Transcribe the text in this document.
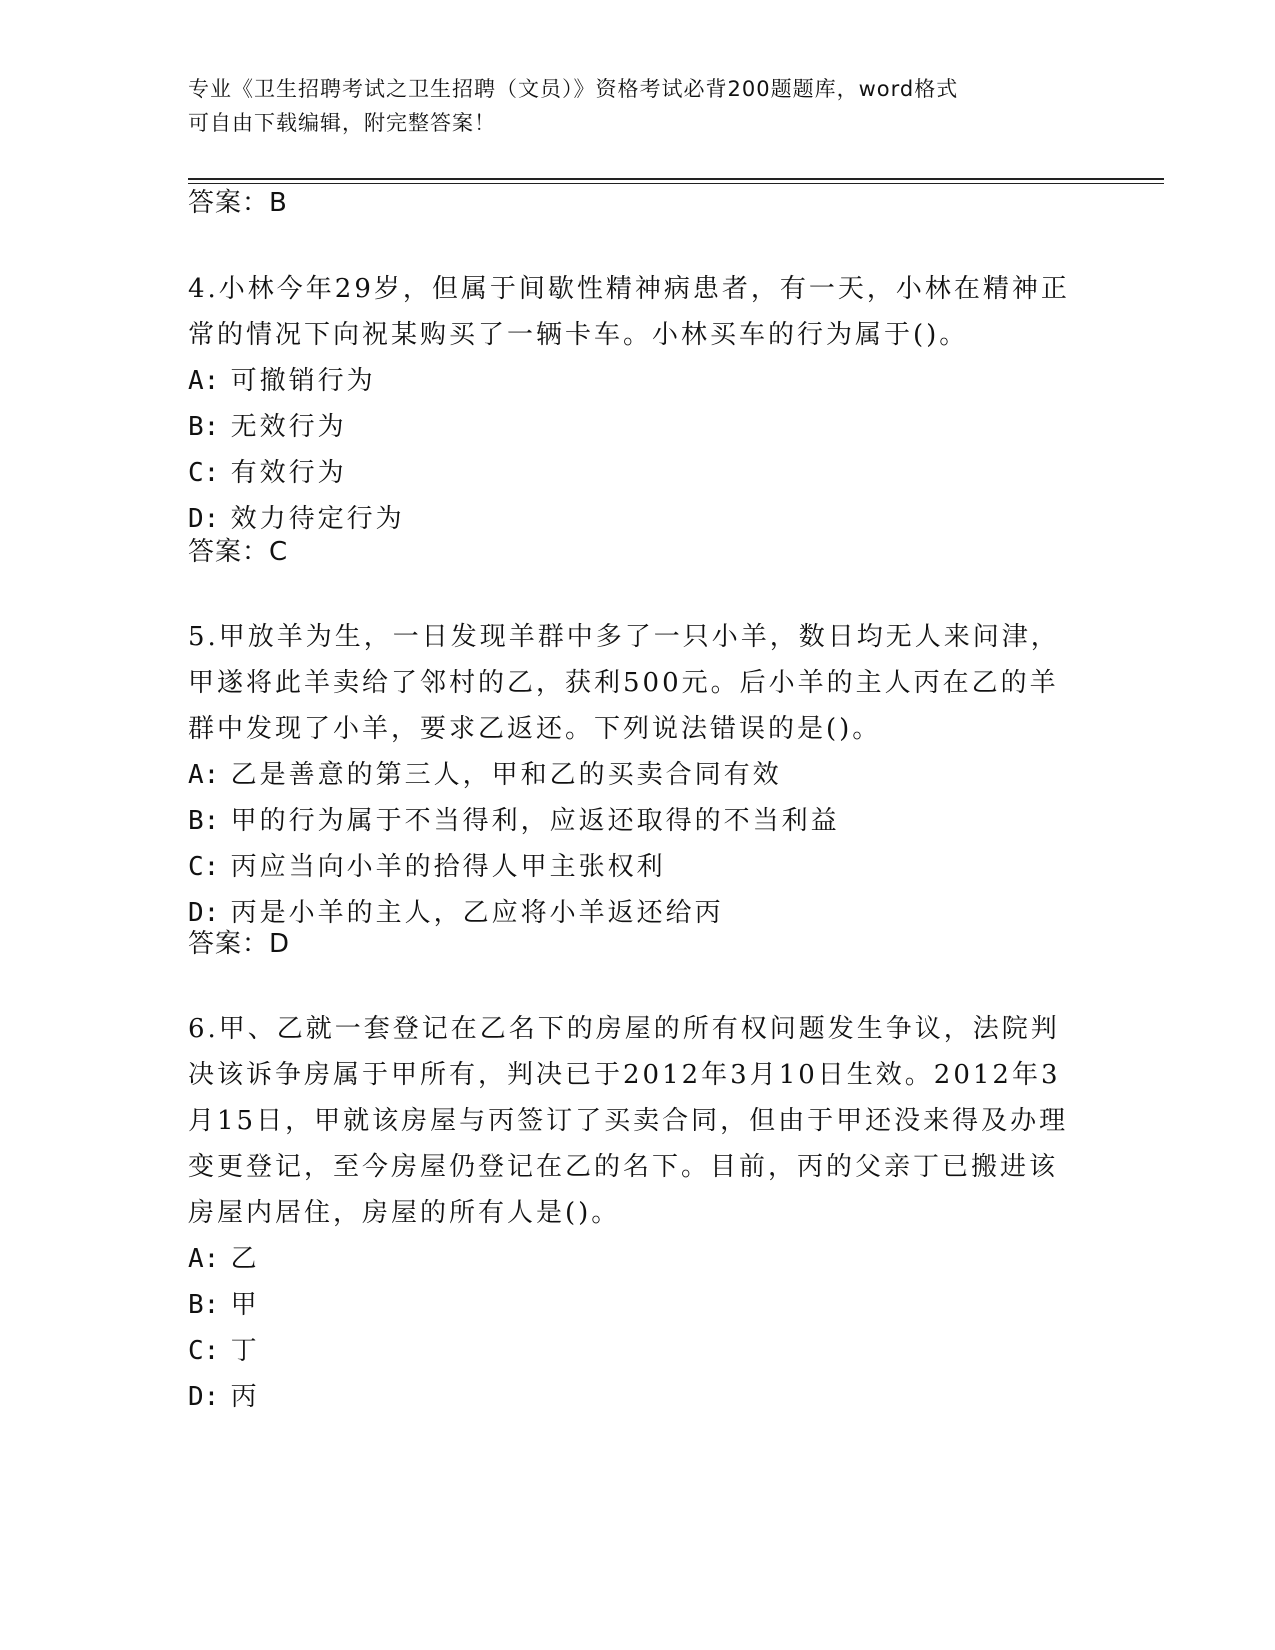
专业《卫生招聘考试之卫生招聘（文员）》资格考试必背200题题库，word格式
可自由下载编辑，附完整答案！
答案：B

4.小林今年29岁，但属于间歇性精神病患者，有一天，小林在精神正

常的情况下向祝某购买了一辆卡车。小林买车的行为属于()。

A: 可撤销行为

B: 无效行为

C: 有效行为

D: 效力待定行为

答案：C

5.甲放羊为生，一日发现羊群中多了一只小羊，数日均无人来问津，

甲遂将此羊卖给了邻村的乙，获利500元。后小羊的主人丙在乙的羊

群中发现了小羊，要求乙返还。下列说法错误的是()。

A: 乙是善意的第三人，甲和乙的买卖合同有效

B: 甲的行为属于不当得利，应返还取得的不当利益

C: 丙应当向小羊的拾得人甲主张权利

D: 丙是小羊的主人，乙应将小羊返还给丙

答案：D

6.甲、乙就一套登记在乙名下的房屋的所有权问题发生争议，法院判

决该诉争房属于甲所有，判决已于2012年3月10日生效。2012年3

月15日，甲就该房屋与丙签订了买卖合同，但由于甲还没来得及办理

变更登记，至今房屋仍登记在乙的名下。目前，丙的父亲丁已搬进该

房屋内居住，房屋的所有人是()。

A: 乙

B: 甲

C: 丁

D: 丙
